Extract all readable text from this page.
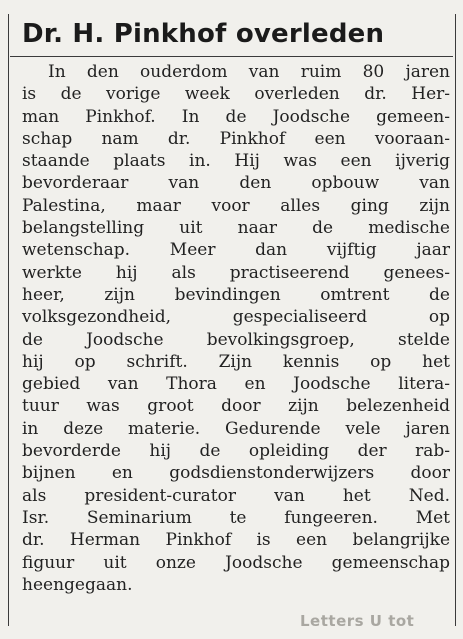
Dr. H. Pinkhof overleden
In den ouderdom van ruim 80 jaren
is de vorige week overleden dr. Her-
man Pinkhof. In de Joodsche gemeen-
schap nam dr. Pinkhof een vooraan-
staande plaats in. Hij was een ijverig
bevorderaar van den opbouw van
Palestina, maar voor alles ging zijn
belangstelling uit naar de medische
wetenschap. Meer dan vijftig jaar
werkte hij als practiseerend genees-
heer, zijn bevindingen omtrent de
volksgezondheid, gespecialiseerd op
de Joodsche bevolkingsgroep, stelde
hij op schrift. Zijn kennis op het
gebied van Thora en Joodsche litera-
tuur was groot door zijn belezenheid
in deze materie. Gedurende vele jaren
bevorderde hij de opleiding der rab-
bijnen en godsdienstonderwijzers door
als president-curator van het Ned.
Isr. Seminarium te fungeeren. Met
dr. Herman Pinkhof is een belangrijke
figuur uit onze Joodsche gemeenschap
heengegaan.
Letters U tot
